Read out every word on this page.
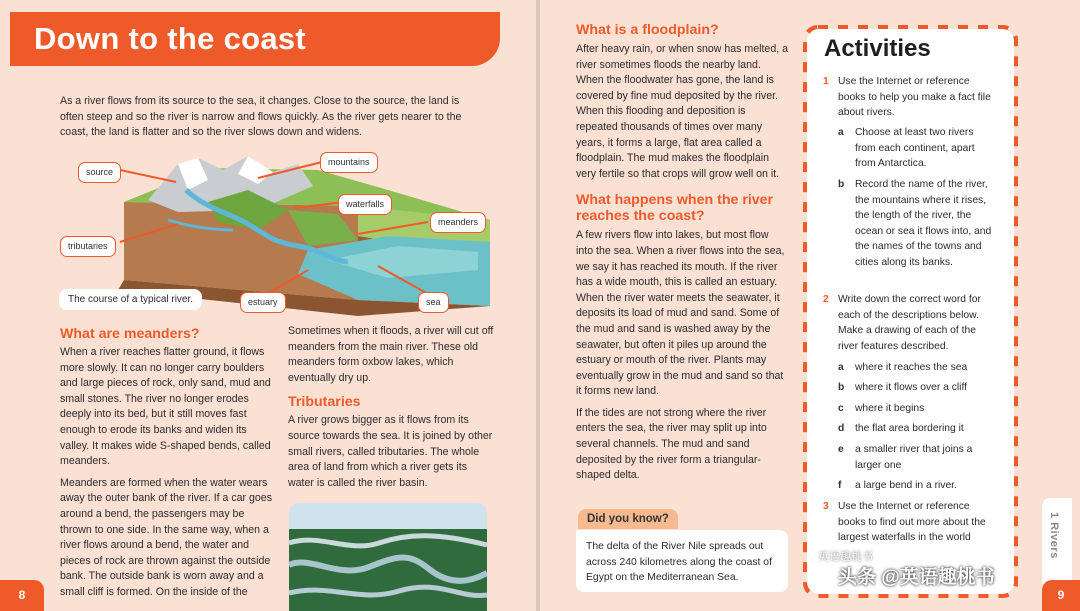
Down to the coast
As a river flows from its source to the sea, it changes. Close to the source, the land is often steep and so the river is narrow and flows quickly. As the river gets nearer to the coast, the land is flatter and so the river slows down and widens.
source
mountains
waterfalls
meanders
tributaries
estuary	sea
The course of a typical river.
What are meanders?
When a river reaches flatter ground, it flows more slowly. It can no longer carry boulders and large pieces of rock, only sand, mud and small stones. The river no longer erodes deeply into its bed, but it still moves fast enough to erode its banks and widen its valley. It makes wide S-shaped bends, called meanders.
Meanders are formed when the water wears away the outer bank of the river. If a car goes around a bend, the passengers may be thrown to one side. In the same way, when a river flows around a bend, the water and pieces of rock are thrown against the outside bank. The outside bank is worn away and a small cliff is formed. On the inside of the
Sometimes when it floods, a river will cut off meanders from the main river. These old meanders form oxbow lakes, which eventually dry up.
Tributaries
A river grows bigger as it flows from its source towards the sea. It is joined by other small rivers, called tributaries. The whole area of land from which a river gets its water is called the river basin.
8
What is a floodplain?
After heavy rain, or when snow has melted, a river sometimes floods the nearby land. When the floodwater has gone, the land is covered by fine mud deposited by the river. When this flooding and deposition is repeated thousands of times over many years, it forms a large, flat area called a floodplain. The mud makes the floodplain very fertile so that crops will grow well on it.
What happens when the river reaches the coast?
A few rivers flow into lakes, but most flow into the sea. When a river flows into the sea, we say it has reached its mouth. If the river has a wide mouth, this is called an estuary. When the river water meets the seawater, it deposits its load of mud and sand. Some of the mud and sand is washed away by the seawater, but often it piles up around the estuary or mouth of the river. Plants may eventually grow in the mud and sand so that it forms new land.
If the tides are not strong where the river enters the sea, the river may split up into several channels. The mud and sand deposited by the river form a triangular-shaped delta.
Did you know?

The delta of the River Nile spreads out across 240 kilometres along the coast of Egypt on the Mediterranean Sea.

Activities
1 Use the Internet or reference books to help you make a fact file about rivers.

a Choose at least two rivers from each continent, apart from Antarctica.

b Record the name of the river, the mountains where it rises, the length of the river, the ocean or sea it flows into, and the names of the towns and cities along its banks.

2 Write down the correct word for each of the descriptions below. Make a drawing of each of the river features described.

a where it reaches the sea

b where it flows over a cliff

c where it begins

d the flat area bordering it

e a smaller river that joins a larger one

f a large bend in a river.

3 Use the Internet or reference books to find out more about the largest waterfalls in the world	1 Rivers
9
英语趣桃书
头条 @英语趣桃书
